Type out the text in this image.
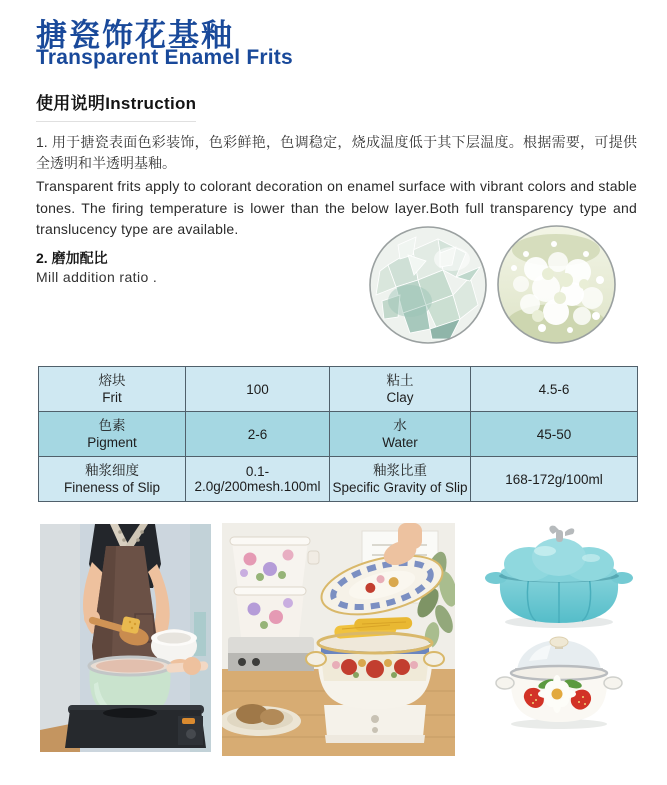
搪瓷饰花基釉
Transparent Enamel Frits
使用说明Instruction
1. 用于搪瓷表面色彩装饰，色彩鲜艳，色调稳定，烧成温度低于其下层温度。根据需要，可提供全透明和半透明基釉。
Transparent frits apply to colorant decoration on enamel surface with vibrant colors and stable tones. The firing temperature is lower than the below layer.Both full transparency type and translucency type are available.
2. 磨加配比
Mill addition ratio .
熔块
Frit
	100	
粘土
Clay
	4.5-6

色素
Pigment
	2-6	
水
Water
	45-50

釉浆细度
Fineness of Slip
	0.1-2.0g/200mesh.100ml	
釉浆比重
Specific Gravity of Slip
	168-172g/100ml
